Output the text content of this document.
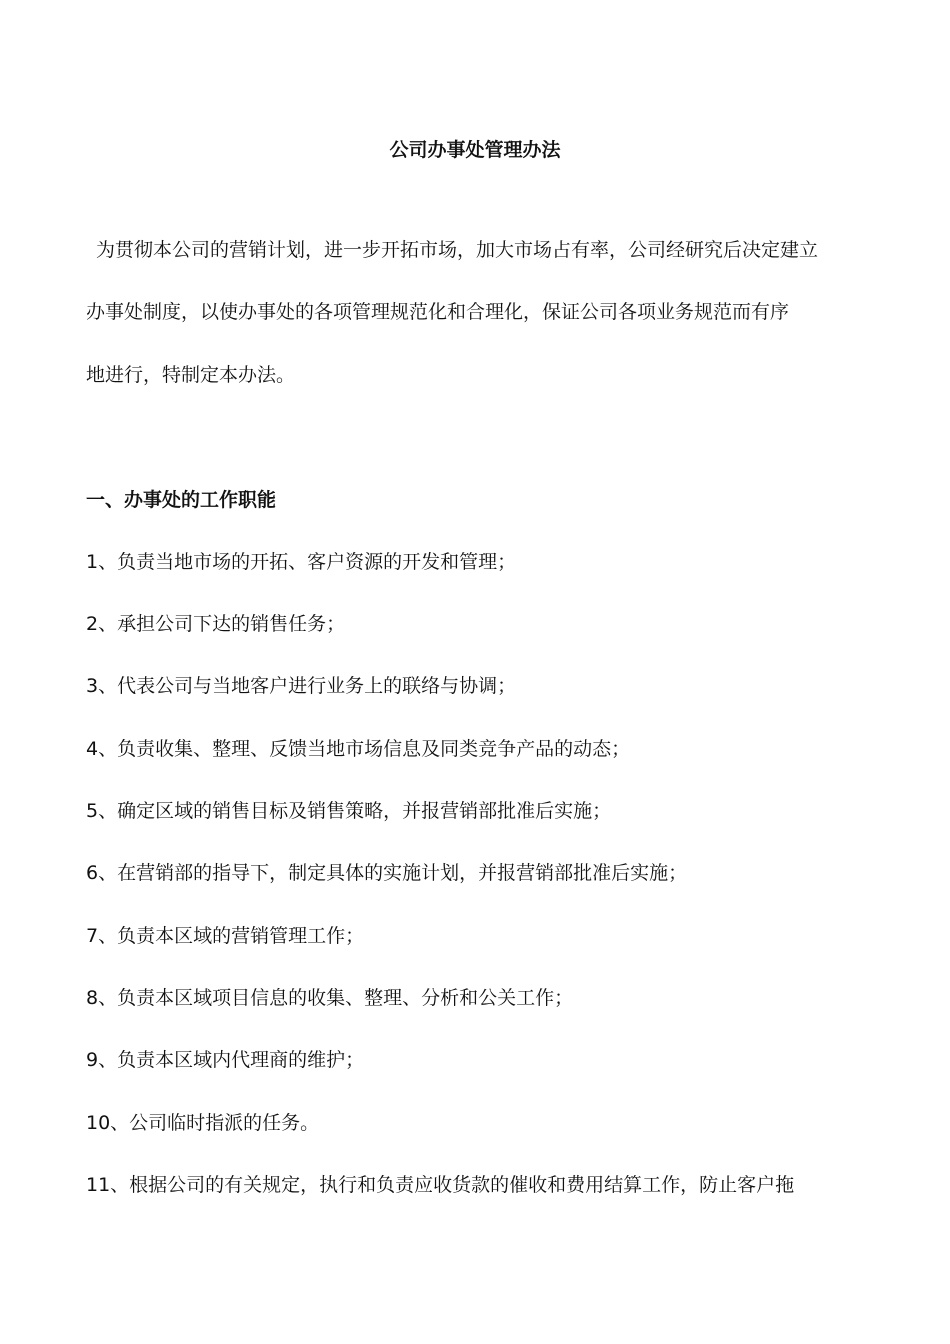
公司办事处管理办法
为贯彻本公司的营销计划，进一步开拓市场，加大市场占有率，公司经研究后决定建立
办事处制度，以使办事处的各项管理规范化和合理化，保证公司各项业务规范而有序
地进行，特制定本办法。
一、办事处的工作职能
1、负责当地市场的开拓、客户资源的开发和管理；
2、承担公司下达的销售任务；
3、代表公司与当地客户进行业务上的联络与协调；
4、负责收集、整理、反馈当地市场信息及同类竞争产品的动态；
5、确定区域的销售目标及销售策略，并报营销部批准后实施；
6、在营销部的指导下，制定具体的实施计划，并报营销部批准后实施；
7、负责本区域的营销管理工作；
8、负责本区域项目信息的收集、整理、分析和公关工作；
9、负责本区域内代理商的维护；
10、公司临时指派的任务。
11、根据公司的有关规定，执行和负责应收货款的催收和费用结算工作，防止客户拖
